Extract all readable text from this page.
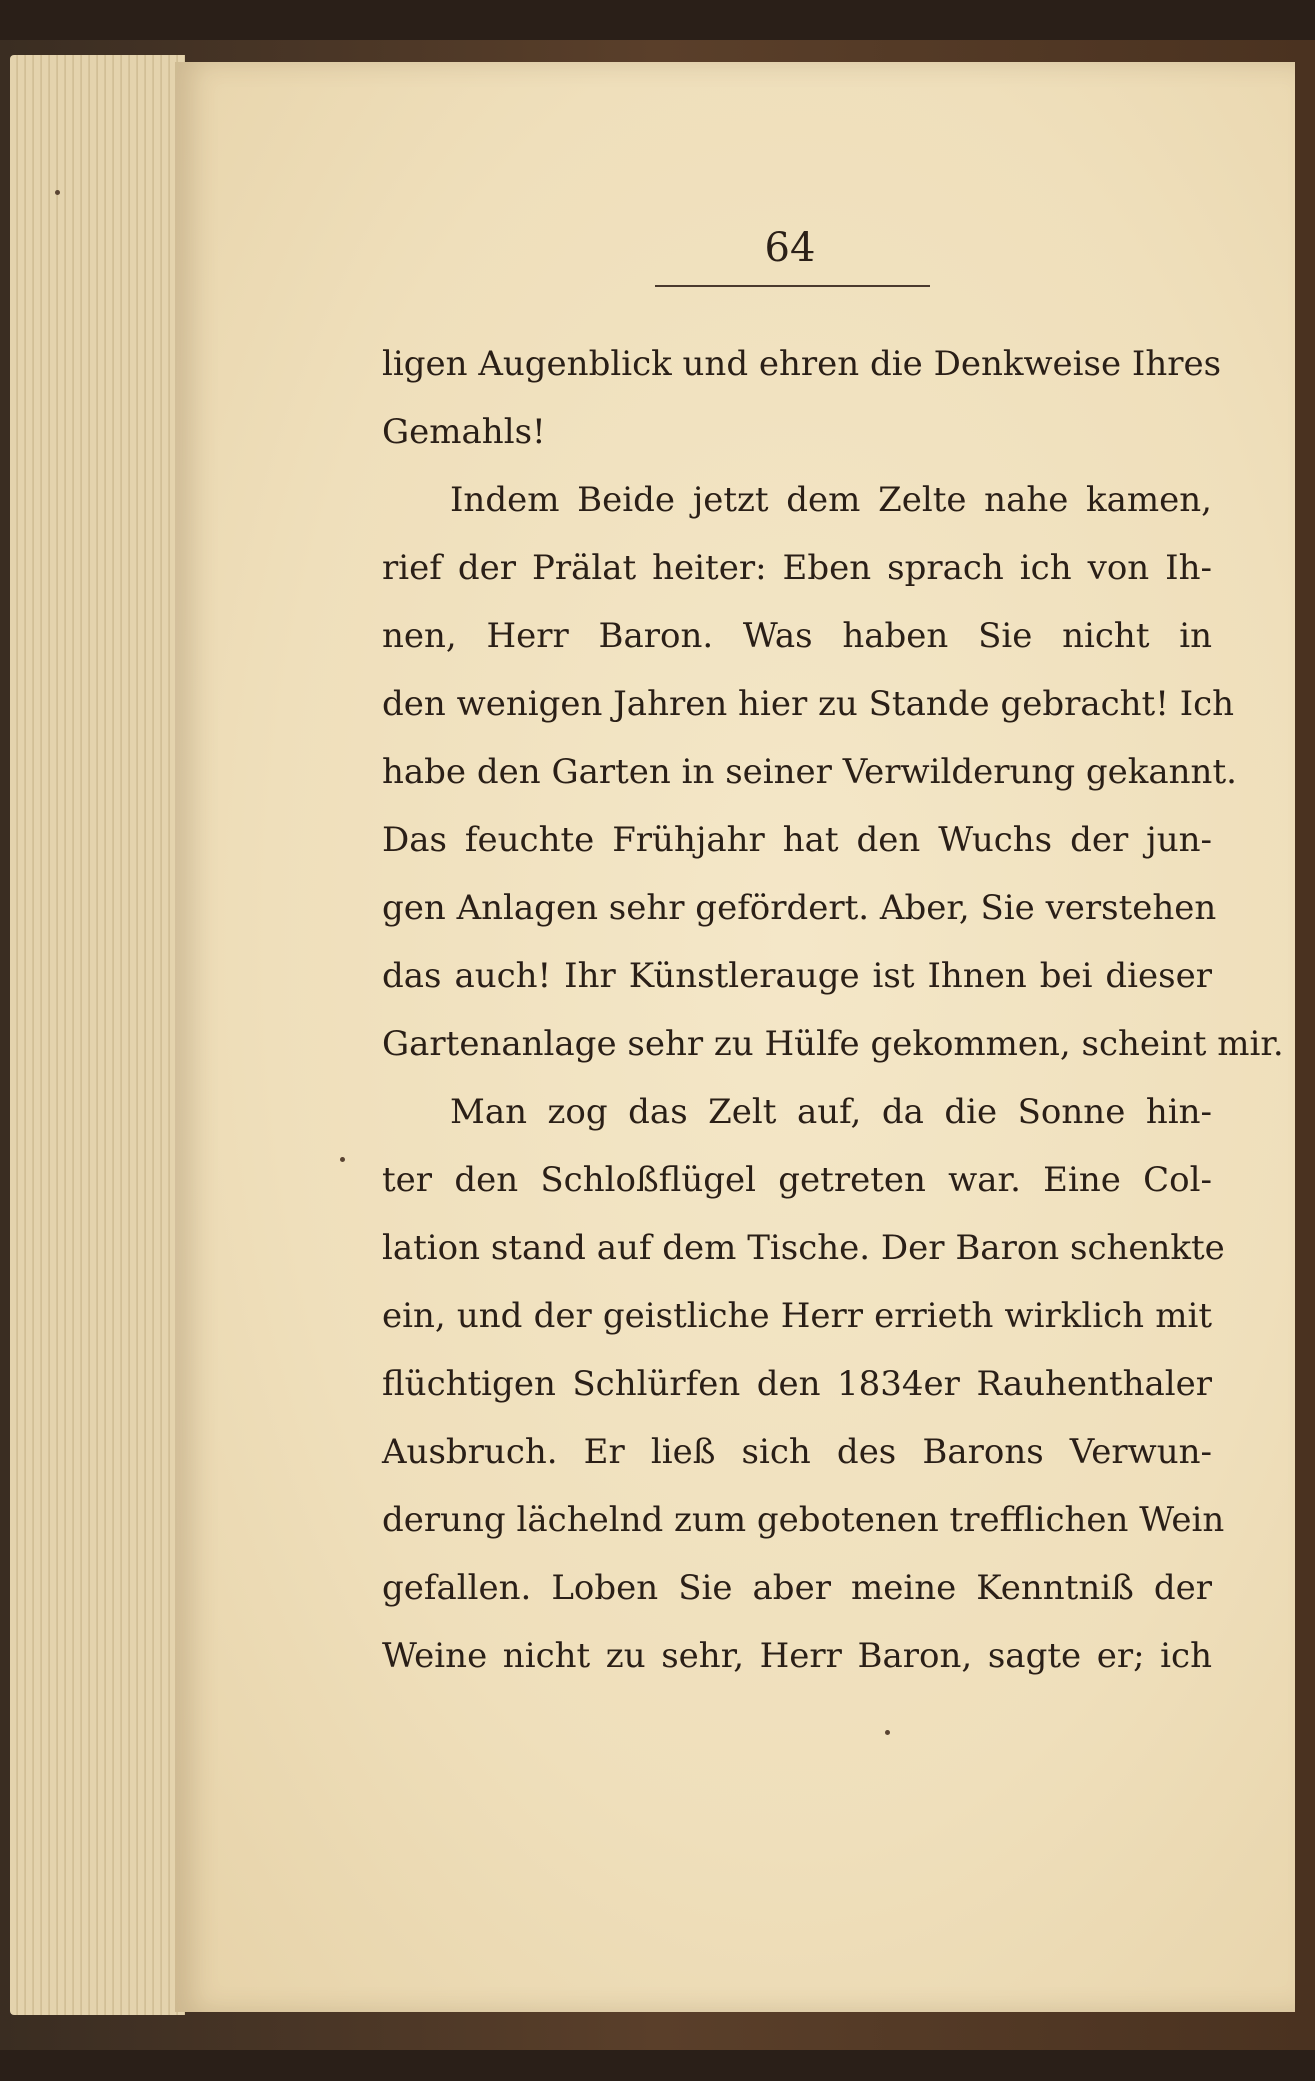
64
ligen Augenblick und ehren die Denkweise Ihres
Gemahls!
Indem Beide jetzt dem Zelte nahe kamen,
rief der Prälat heiter: Eben sprach ich von Ih-
nen, Herr Baron. Was haben Sie nicht in
den wenigen Jahren hier zu Stande gebracht! Ich
habe den Garten in seiner Verwilderung gekannt.
Das feuchte Frühjahr hat den Wuchs der jun-
gen Anlagen sehr gefördert. Aber, Sie verstehen
das auch! Ihr Künstlerauge ist Ihnen bei dieser
Gartenanlage sehr zu Hülfe gekommen, scheint mir.
Man zog das Zelt auf, da die Sonne hin-
ter den Schloßflügel getreten war. Eine Col-
lation stand auf dem Tische. Der Baron schenkte
ein, und der geistliche Herr errieth wirklich mit
flüchtigen Schlürfen den 1834er Rauhenthaler
Ausbruch. Er ließ sich des Barons Verwun-
derung lächelnd zum gebotenen trefflichen Wein
gefallen. Loben Sie aber meine Kenntniß der
Weine nicht zu sehr, Herr Baron, sagte er; ich
